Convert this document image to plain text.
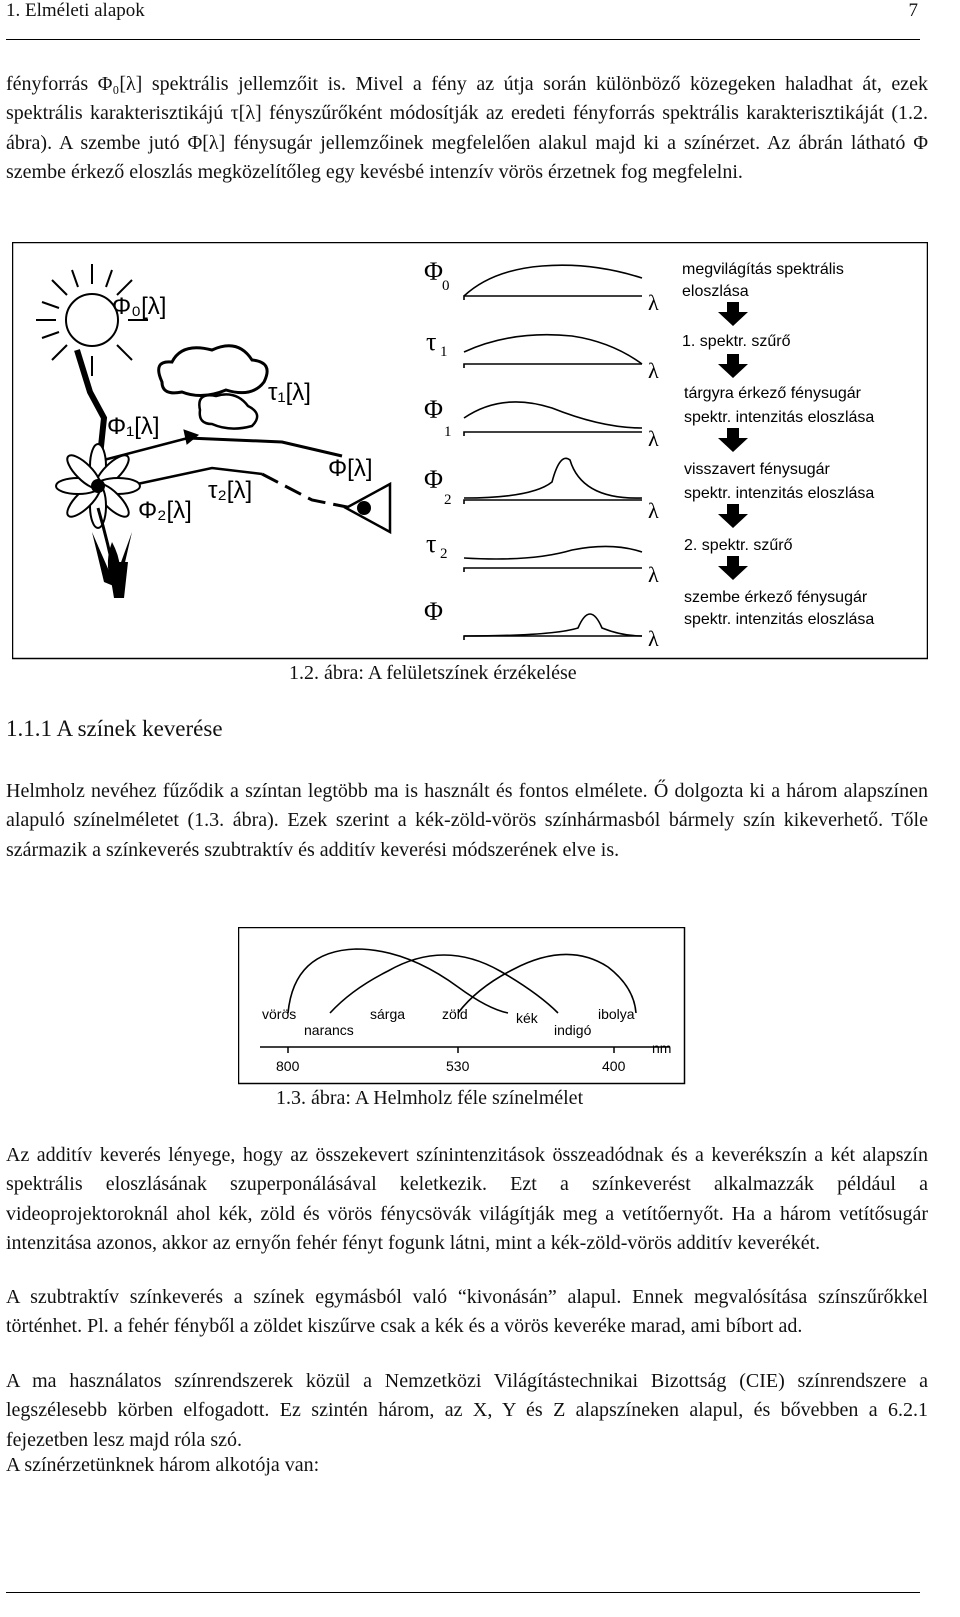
1. Elméleti alapok	7

fényforrás Φ₀[λ] spektrális jellemzőit is. Mivel a fény az útja során különböző közegeken haladhat át, ezek spektrális karakterisztikájú τ[λ] fényszűrőként módosítják az eredeti fényforrás spektrális karakterisztikáját (1.2. ábra). A szembe jutó Φ[λ] fénysugár jellemzőinek megfelelően alakul majd ki a színérzet. Az ábrán látható Φ szembe érkező eloszlás megközelítőleg egy kevésbé intenzív vörös érzetnek fog megfelelni.

Φ₀[λ]
τ₁[λ]
Φ₁[λ]
τ₂[λ]
Φ₂[λ]
Φ[λ]
Φ
0
λ
τ 1
λ
Φ
1	λ
Φ
2	λ
τ 2
λ
Φ
λ
megvilágítás spektrális
eloszlása
1. spektr. szűrő
tárgyra érkező fénysugár
spektr. intenzitás eloszlása
visszavert fénysugár
spektr. intenzitás eloszlása
2. spektr. szűrő
szembe érkező fénysugár
spektr. intenzitás eloszlása
1.2. ábra: A felületszínek érzékelése
1.1.1 A színek keverése

Helmholz nevéhez fűződik a színtan legtöbb ma is használt és fontos elmélete. Ő dolgozta ki a három alapszínen alapuló színelméletet (1.3. ábra). Ezek szerint a kék-zöld-vörös színhármasból bármely szín kikeverhető. Tőle származik a színkeverés szubtraktív és additív keverési módszerének elve is.

vörös	sárga	zöld	kék	ibolya
narancs	indigó
800	530	400
nm
1.3. ábra: A Helmholz féle színelmélet

Az additív keverés lényege, hogy az összekevert színintenzitások összeadódnak és a keverékszín a két alapszín spektrális eloszlásának szuperponálásával keletkezik. Ezt a színkeverést alkalmazzák például a videoprojektoroknál ahol kék, zöld és vörös fénycsövák világítják meg a vetítőernyőt. Ha a három vetítősugár intenzitása azonos, akkor az ernyőn fehér fényt fogunk látni, mint a kék-zöld-vörös additív keverékét.

A szubtraktív színkeverés a színek egymásból való “kivonásán” alapul. Ennek megvalósítása színszűrőkkel történhet. Pl. a fehér fényből a zöldet kiszűrve csak a kék és a vörös keveréke marad, ami bíbort ad.

A ma használatos színrendszerek közül a Nemzetközi Világítástechnikai Bizottság (CIE) színrendszere a legszélesebb körben elfogadott. Ez szintén három, az X, Y és Z alapszíneken alapul, és bővebben a 6.2.1 fejezetben lesz majd róla szó.

A színérzetünknek három alkotója van:
